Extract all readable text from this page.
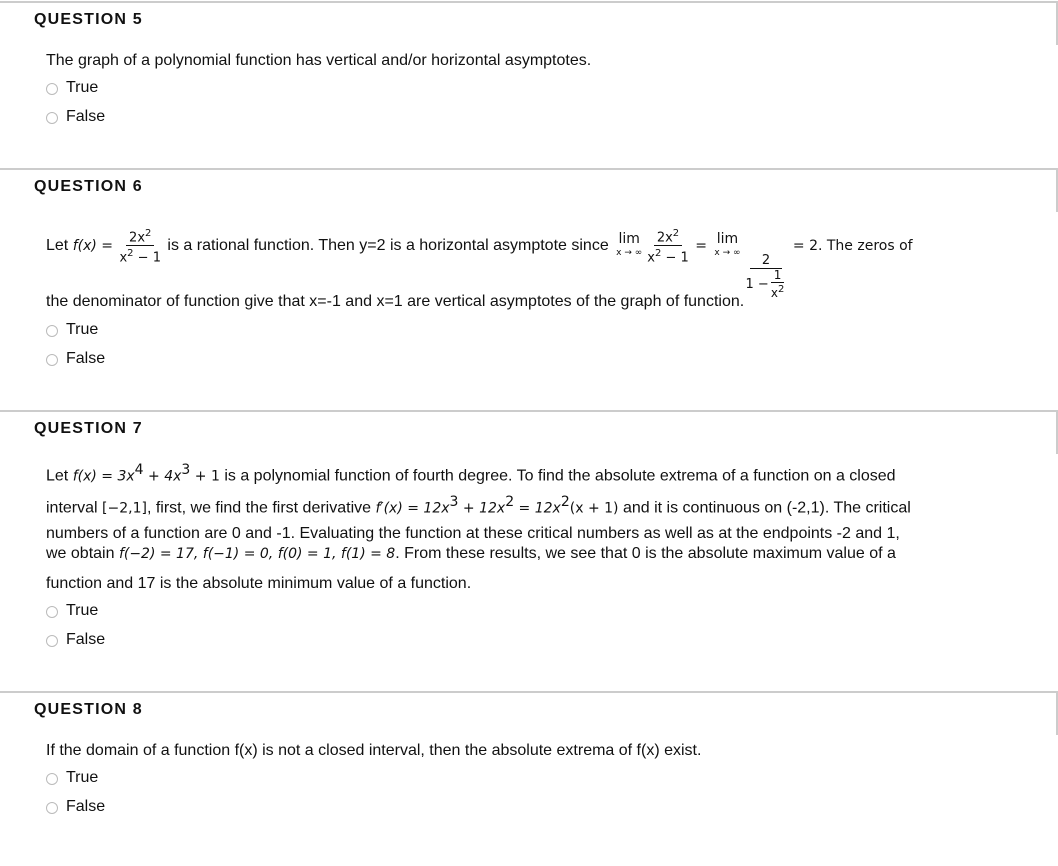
QUESTION 5
The graph of a polynomial function has vertical and/or horizontal asymptotes.
True
False
QUESTION 6
Let $f(x) = \frac{2x^2}{x^2 - 1}$ is a rational function. Then y=2 is a horizontal asymptote since lim
x → ∞ $\frac{2x^2}{x^2 - 1} = \lim$
x → ∞ $\frac{2}{1 - \frac{1}{x^2}}$
= 2. The zeros of
the denominator of function give that x=-1 and x=1 are vertical asymptotes of the graph of function.
True
False
QUESTION 7
Let $f(x) = 3x^4 + 4x^3 + 1$ is a polynomial function of fourth degree. To find the absolute extrema of a function on a closed
interval [−2,1], first, we find the first derivative $f'(x) = 12x^3 + 12x^2 = 12x^2(x + 1)$ and it is continuous on (-2,1). The critical
numbers of a function are 0 and -1. Evaluating the function at these critical numbers as well as at the endpoints -2 and 1,
we obtain f(−2) = 17, f(−1) = 0, f(0) = 1, f(1) = 8. From these results, we see that 0 is the absolute maximum value of a
function and 17 is the absolute minimum value of a function.
True
False
QUESTION 8
If the domain of a function f(x) is not a closed interval, then the absolute extrema of f(x) exist.
True
False
